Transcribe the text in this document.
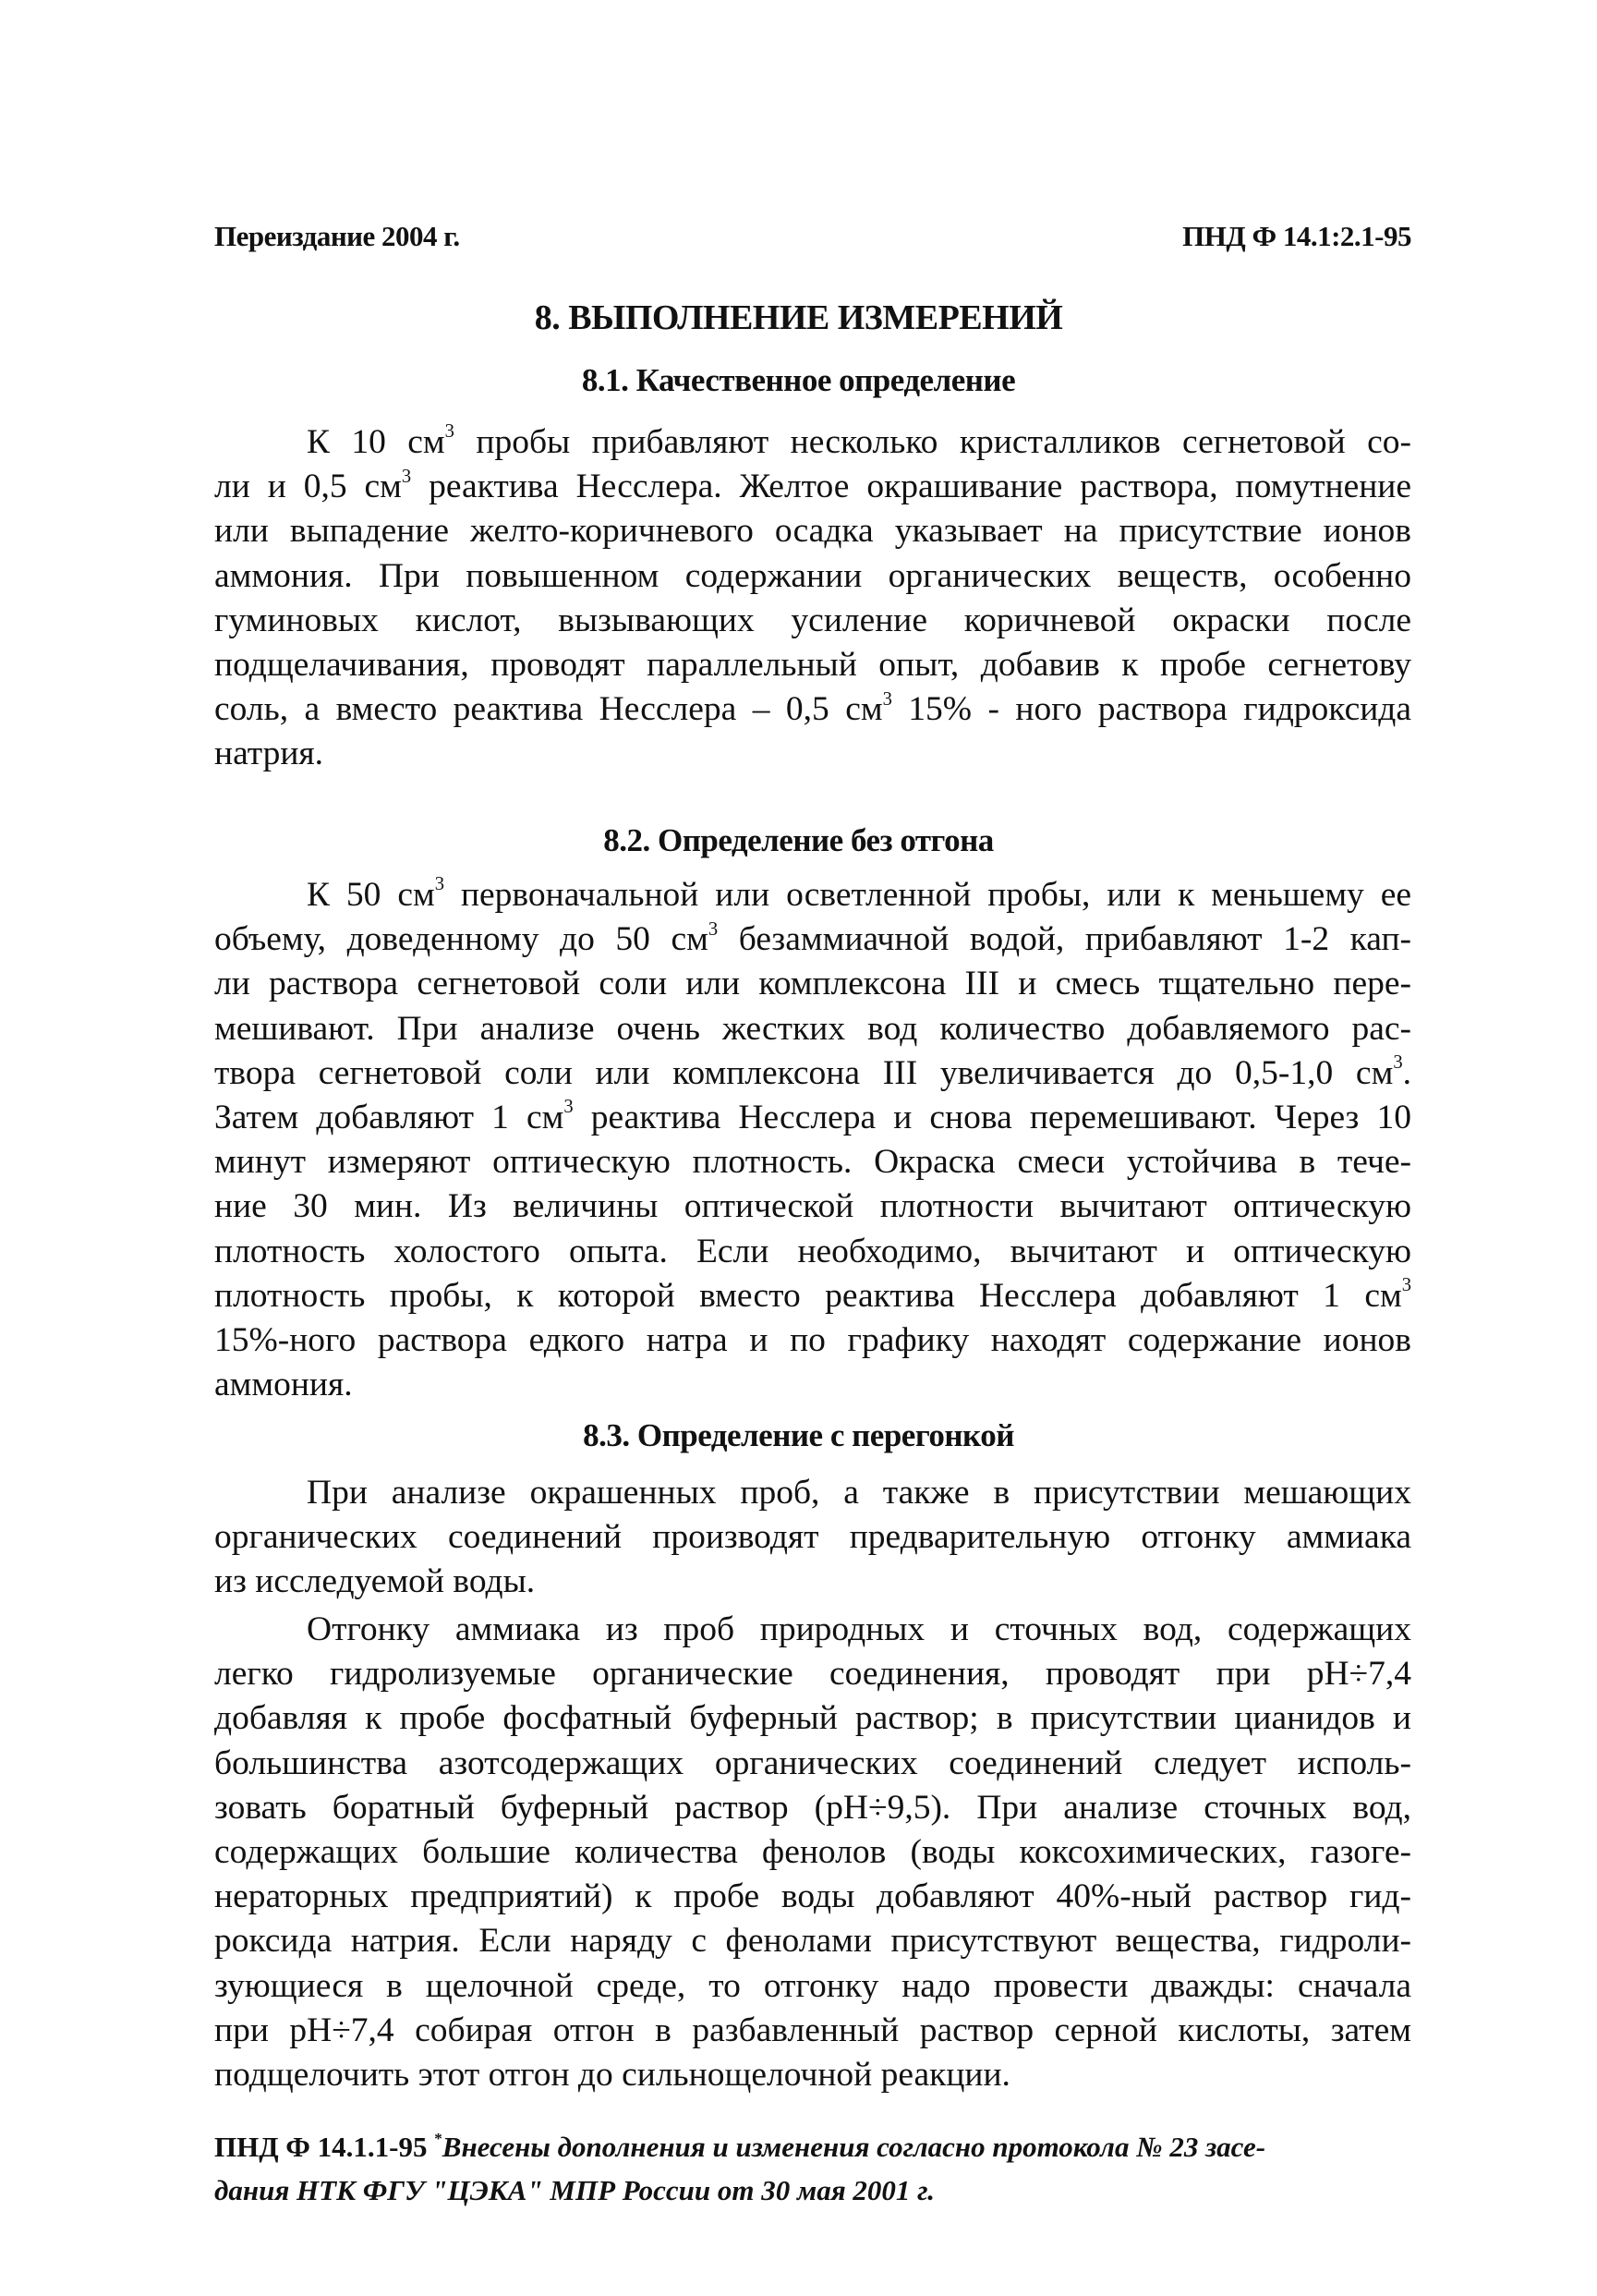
Переиздание 2004 г.	ПНД Ф 14.1:2.1-95
8. ВЫПОЛНЕНИЕ ИЗМЕРЕНИЙ
8.1. Качественное определение
К 10 $см^3$ пробы прибавляют несколько кристалликов сегнетовой со-
ли и 0,5 $см^3$ реактива Несслера. Желтое окрашивание раствора, помутнение
или выпадение желто-коричневого осадка указывает на присутствие ионов
аммония. При повышенном содержании органических веществ, особенно
гуминовых кислот, вызывающих усиление коричневой окраски после
подщелачивания, проводят параллельный опыт, добавив к пробе сегнетову
соль, а вместо реактива Несслера – 0,5 $см^3$ 15% - ного раствора гидроксида
натрия.
8.2. Определение без отгона
К 50 $см^3$ первоначальной или осветленной пробы, или к меньшему ее
объему, доведенному до 50 $см^3$ безаммиачной водой, прибавляют 1-2 кап-
ли раствора сегнетовой соли или комплексона III и смесь тщательно пере-
мешивают. При анализе очень жестких вод количество добавляемого рас-
твора сегнетовой соли или комплексона III увеличивается до 0,5-1,0 $см^3$.
Затем добавляют 1 $см^3$ реактива Несслера и снова перемешивают. Через 10
минут измеряют оптическую плотность. Окраска смеси устойчива в тече-
ние 30 мин. Из величины оптической плотности вычитают оптическую
плотность холостого опыта. Если необходимо, вычитают и оптическую
плотность пробы, к которой вместо реактива Несслера добавляют 1 $см^3$
15%-ного раствора едкого натра и по графику находят содержание ионов
аммония.
8.3. Определение с перегонкой
При анализе окрашенных проб, а также в присутствии мешающих
органических соединений производят предварительную отгонку аммиака
из исследуемой воды.
Отгонку аммиака из проб природных и сточных вод, содержащих
легко гидролизуемые органические соединения, проводят при рН÷7,4
добавляя к пробе фосфатный буферный раствор; в присутствии цианидов и
большинства азотсодержащих органических соединений следует исполь-
зовать боратный буферный раствор (рН÷9,5). При анализе сточных вод,
содержащих большие количества фенолов (воды коксохимических, газоге-
нераторных предприятий) к пробе воды добавляют 40%-ный раствор гид-
роксида натрия. Если наряду с фенолами присутствуют вещества, гидроли-
зующиеся в щелочной среде, то отгонку надо провести дважды: сначала
при рН÷7,4 собирая отгон в разбавленный раствор серной кислоты, затем
подщелочить этот отгон до сильнощелочной реакции.
ПНД Ф 14.1.1-95 *Внесены дополнения и изменения согласно протокола № 23 засе-
дания НТК ФГУ "ЦЭКА" МПР России от 30 мая 2001 г.
